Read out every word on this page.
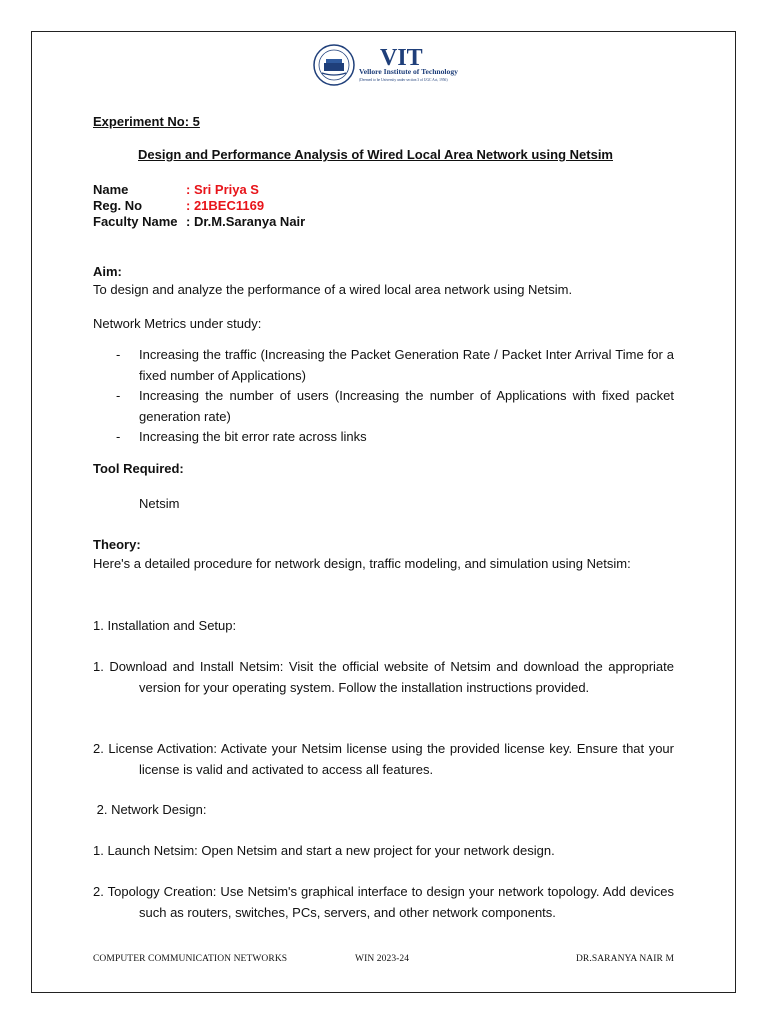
VIT
Vellore Institute of Technology
(Deemed to be University under section 3 of UGC Act, 1956)
Experiment No: 5
Design and Performance Analysis of Wired Local Area Network using Netsim
Name	: Sri Priya S
Reg. No	: 21BEC1169
Faculty Name : Dr.M.Saranya Nair
Aim:
To design and analyze the performance of a wired local area network using Netsim.
Network Metrics under study:
- Increasing the traffic (Increasing the Packet Generation Rate / Packet Inter Arrival Time for a fixed number of Applications)
- Increasing the number of users (Increasing the number of Applications with fixed packet generation rate)
- Increasing the bit error rate across links
Tool Required:
Netsim
Theory:
Here's a detailed procedure for network design, traffic modeling, and simulation using Netsim:
1. Installation and Setup:
1. Download and Install Netsim: Visit the official website of Netsim and download the appropriate version for your operating system. Follow the installation instructions provided.
2. License Activation: Activate your Netsim license using the provided license key. Ensure that your license is valid and activated to access all features.
2. Network Design:
1. Launch Netsim: Open Netsim and start a new project for your network design.
2. Topology Creation: Use Netsim's graphical interface to design your network topology. Add devices such as routers, switches, PCs, servers, and other network components.
COMPUTER COMMUNICATION NETWORKS	WIN 2023-24	DR.SARANYA NAIR M
